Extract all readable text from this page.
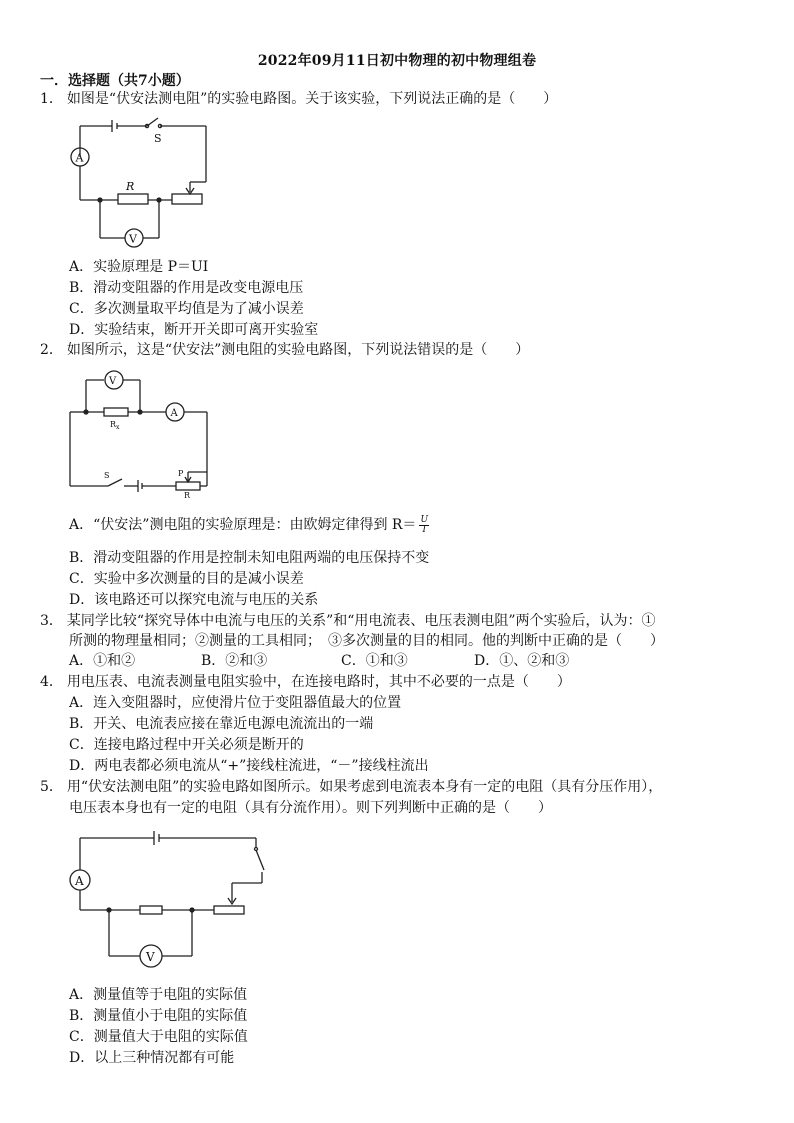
2022年09月11日初中物理的初中物理组卷
一．选择题（共7小题）
1． 如图是“伏安法测电阻”的实验电路图。关于该实验，下列说法正确的是（　　）
A
V
S
R
A．实验原理是 P＝UI
B．滑动变阻器的作用是改变电源电压
C．多次测量取平均值是为了减小误差
D．实验结束，断开开关即可离开实验室
2． 如图所示，这是“伏安法”测电阻的实验电路图，下列说法错误的是（　　）
V
A
$R_x$
S	P
R
A．“伏安法”测电阻的实验原理是：由欧姆定律得到 $R= \frac{U}{I}$
B．滑动变阻器的作用是控制未知电阻两端的电压保持不变
C．实验中多次测量的目的是减小误差
D．该电路还可以探究电流与电压的关系
3． 某同学比较“探究导体中电流与电压的关系”和“用电流表、电压表测电阻”两个实验后，认为：①
所测的物理量相同；②测量的工具相同；　③多次测量的目的相同。他的判断中正确的是（　　）
A．①和②	B．②和③	C．①和③	D．①、②和③
4． 用电压表、电流表测量电阻实验中，在连接电路时，其中不必要的一点是（　　）
A．连入变阻器时，应使滑片位于变阻器值最大的位置
B．开关、电流表应接在靠近电源电流流出的一端
C．连接电路过程中开关必须是断开的
D．两电表都必须电流从“+”接线柱流进，“－”接线柱流出
5． 用“伏安法测电阻”的实验电路如图所示。如果考虑到电流表本身有一定的电阻（具有分压作用），
电压表本身也有一定的电阻（具有分流作用）。则下列判断中正确的是（　　）
A
V
A．测量值等于电阻的实际值
B．测量值小于电阻的实际值
C．测量值大于电阻的实际值
D．以上三种情况都有可能
